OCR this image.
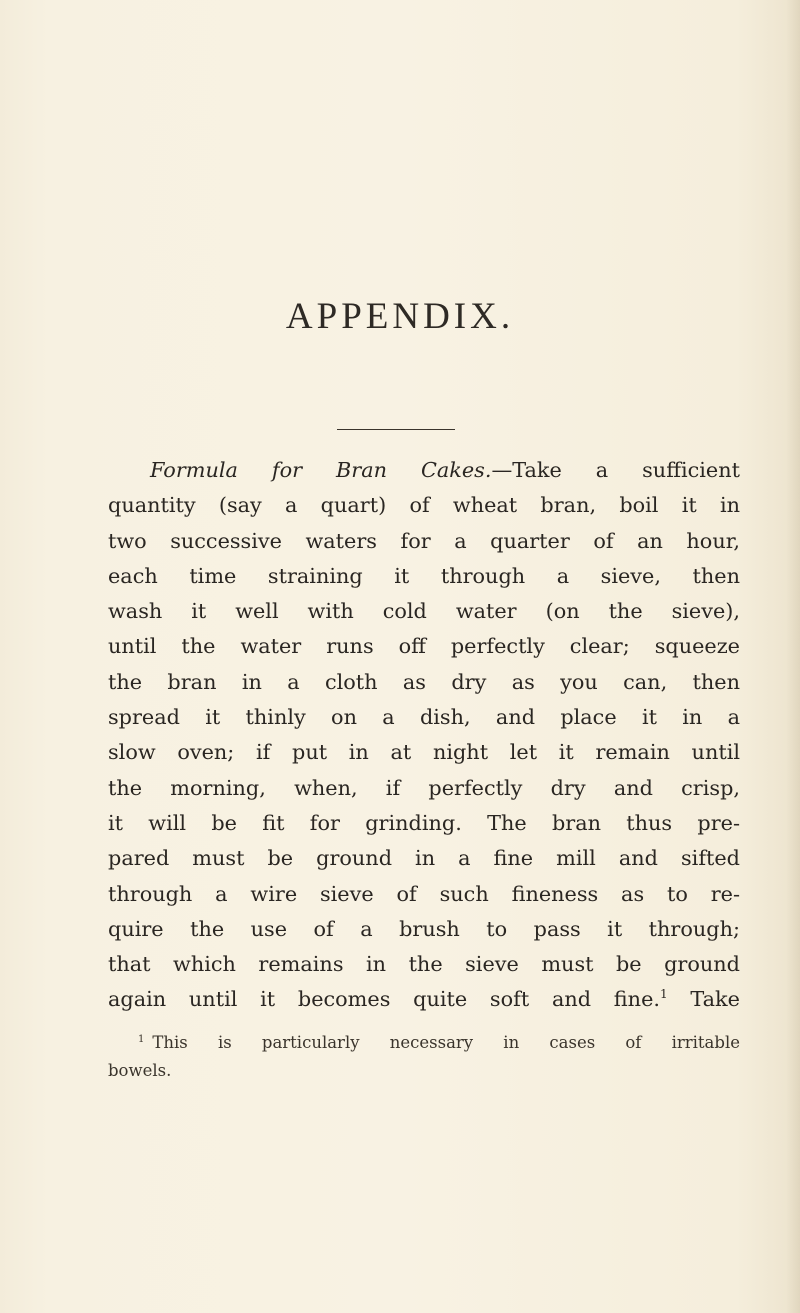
APPENDIX.
Formula for Bran Cakes.—Take a sufficient
quantity (say a quart) of wheat bran, boil it in
two successive waters for a quarter of an hour,
each time straining it through a sieve, then
wash it well with cold water (on the sieve),
until the water runs off perfectly clear; squeeze
the bran in a cloth as dry as you can, then
spread it thinly on a dish, and place it in a
slow oven; if put in at night let it remain until
the morning, when, if perfectly dry and crisp,
it will be fit for grinding. The bran thus pre-
pared must be ground in a fine mill and sifted
through a wire sieve of such fineness as to re-
quire the use of a brush to pass it through;
that which remains in the sieve must be ground
again until it becomes quite soft and fine.$^1$ Take
$^1$ This is particularly necessary in cases of irritable
bowels.
